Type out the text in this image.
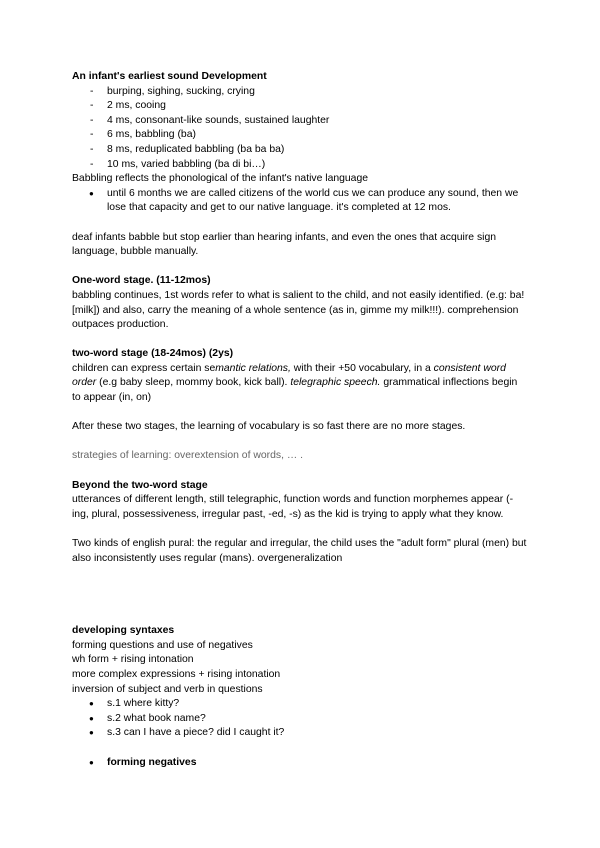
An infant's earliest sound Development

- burping, sighing, sucking, crying
- 2 ms, cooing
- 4 ms, consonant-like sounds, sustained laughter
- 6 ms, babbling (ba)
- 8 ms, reduplicated babbling (ba ba ba)
- 10 ms, varied babbling (ba di bi…)

Babbling reflects the phonological of the infant's native language

● until 6 months we are called citizens of the world cus we can produce any sound, then we lose that capacity and get to our native language. it's completed at 12 mos.

deaf infants babble but stop earlier than hearing infants, and even the ones that acquire sign language, bubble manually.

One-word stage. (11-12mos)

babbling continues, 1st words refer to what is salient to the child, and not easily identified. (e.g: ba! [milk]) and also, carry the meaning of a whole sentence (as in, gimme my milk!!!). comprehension outpaces production.

two-word stage (18-24mos) (2ys)

children can express certain semantic relations, with their +50 vocabulary, in a consistent word order (e.g baby sleep, mommy book, kick ball). telegraphic speech. grammatical inflections begin to appear (in, on)

After these two stages, the learning of vocabulary is so fast there are no more stages.

strategies of learning: overextension of words, … .

Beyond the two-word stage

utterances of different length, still telegraphic, function words and function morphemes appear (-ing, plural, possessiveness, irregular past, -ed, -s) as the kid is trying to apply what they know.

Two kinds of english pural: the regular and irregular, the child uses the "adult form" plural (men) but also inconsistently uses regular (mans). overgeneralization

developing syntaxes

forming questions and use of negatives

wh form + rising intonation

more complex expressions + rising intonation

inversion of subject and verb in questions

● s.1 where kitty?
● s.2 what book name?
● s.3 can I have a piece? did I caught it?
● forming negatives
